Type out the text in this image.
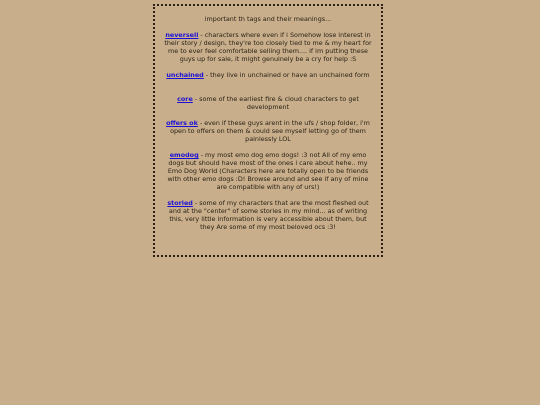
important th tags and their meanings...
neversell - characters where even if i Somehow lose interest in their story / design, they're too closely tied to me & my heart for me to ever feel comfortable selling them.... if im putting these guys up for sale, it might genuinely be a cry for help :S
unchained - they live in unchained or have an unchained form
core - some of the earliest fire & cloud characters to get development
offers ok - even if these guys arent in the ufs / shop folder, i'm open to offers on them & could see myself letting go of them painlessly LOL
emodog - my most emo dog emo dogs! :3 not All of my emo dogs but should have most of the ones i care about hehe.. my Emo Dog World (Characters here are totally open to be friends with other emo dogs :D! Browse around and see if any of mine are compatible with any of urs!)
storied - some of my characters that are the most fleshed out and at the "center" of some stories in my mind... as of writing this, very little information is very accessible about them, but they Are some of my most beloved ocs :3!
